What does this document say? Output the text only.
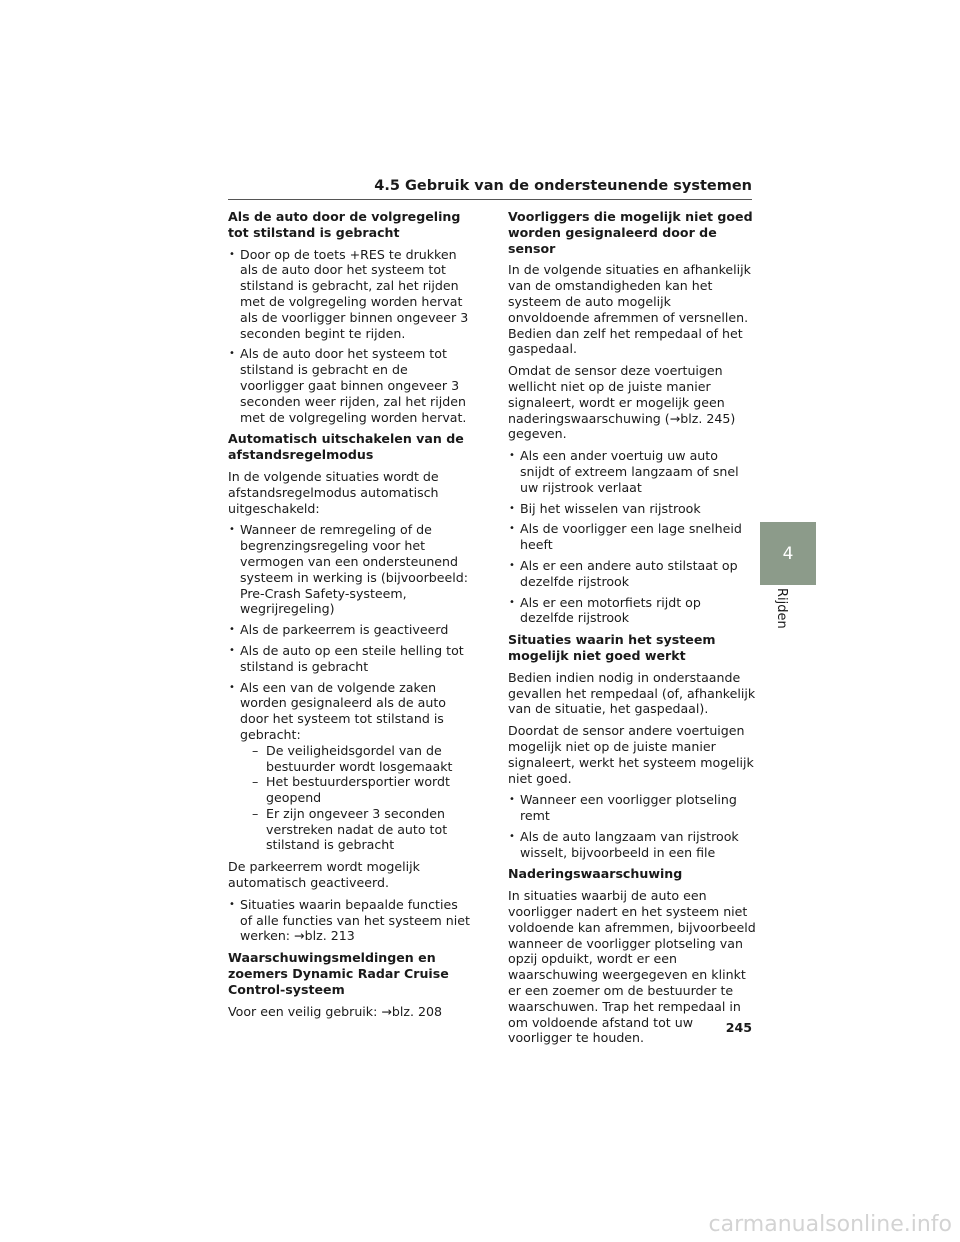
4.5 Gebruik van de ondersteunende systemen
Als de auto door de volgregeling tot stilstand is gebracht
• Door op de toets +RES te drukken als de auto door het systeem tot stilstand is gebracht, zal het rijden met de volgregeling worden hervat als de voorligger binnen ongeveer 3 seconden begint te rijden.
• Als de auto door het systeem tot stilstand is gebracht en de voorligger gaat binnen ongeveer 3 seconden weer rijden, zal het rijden met de volgregeling worden hervat.
Automatisch uitschakelen van de afstandsregelmodus

In de volgende situaties wordt de afstandsregelmodus automatisch uitgeschakeld:

• Wanneer de remregeling of de begrenzingsregeling voor het vermogen van een ondersteunend systeem in werking is (bijvoorbeeld: Pre-Crash Safety-systeem, wegrijregeling)
• Als de parkeerrem is geactiveerd
• Als de auto op een steile helling tot stilstand is gebracht
• Als een van de volgende zaken worden gesignaleerd als de auto door het systeem tot stilstand is gebracht:
– De veiligheidsgordel van de bestuurder wordt losgemaakt
– Het bestuurdersportier wordt geopend
– Er zijn ongeveer 3 seconden verstreken nadat de auto tot stilstand is gebracht

De parkeerrem wordt mogelijk automatisch geactiveerd.

• Situaties waarin bepaalde functies of alle functies van het systeem niet werken: →blz. 213
Waarschuwingsmeldingen en zoemers Dynamic Radar Cruise Control-systeem

Voor een veilig gebruik: →blz. 208

Voorliggers die mogelijk niet goed worden gesignaleerd door de sensor

In de volgende situaties en afhankelijk van de omstandigheden kan het systeem de auto mogelijk onvoldoende afremmen of versnellen. Bedien dan zelf het rempedaal of het gaspedaal.

Omdat de sensor deze voertuigen wellicht niet op de juiste manier signaleert, wordt er mogelijk geen naderingswaarschuwing (→blz. 245) gegeven.

• Als een ander voertuig uw auto snijdt of extreem langzaam of snel uw rijstrook verlaat
• Bij het wisselen van rijstrook
• Als de voorligger een lage snelheid heeft
• Als er een andere auto stilstaat op dezelfde rijstrook
• Als er een motorfiets rijdt op dezelfde rijstrook
Situaties waarin het systeem mogelijk niet goed werkt

Bedien indien nodig in onderstaande gevallen het rempedaal (of, afhankelijk van de situatie, het gaspedaal).

Doordat de sensor andere voertuigen mogelijk niet op de juiste manier signaleert, werkt het systeem mogelijk niet goed.

• Wanneer een voorligger plotseling remt
• Als de auto langzaam van rijstrook wisselt, bijvoorbeeld in een file
Naderingswaarschuwing

In situaties waarbij de auto een voorligger nadert en het systeem niet voldoende kan afremmen, bijvoorbeeld wanneer de voorligger plotseling van opzij opduikt, wordt er een waarschuwing weergegeven en klinkt er een zoemer om de bestuurder te waarschuwen. Trap het rempedaal in om voldoende afstand tot uw voorligger te houden.

4
Rijden
245
carmanualsonline.info
